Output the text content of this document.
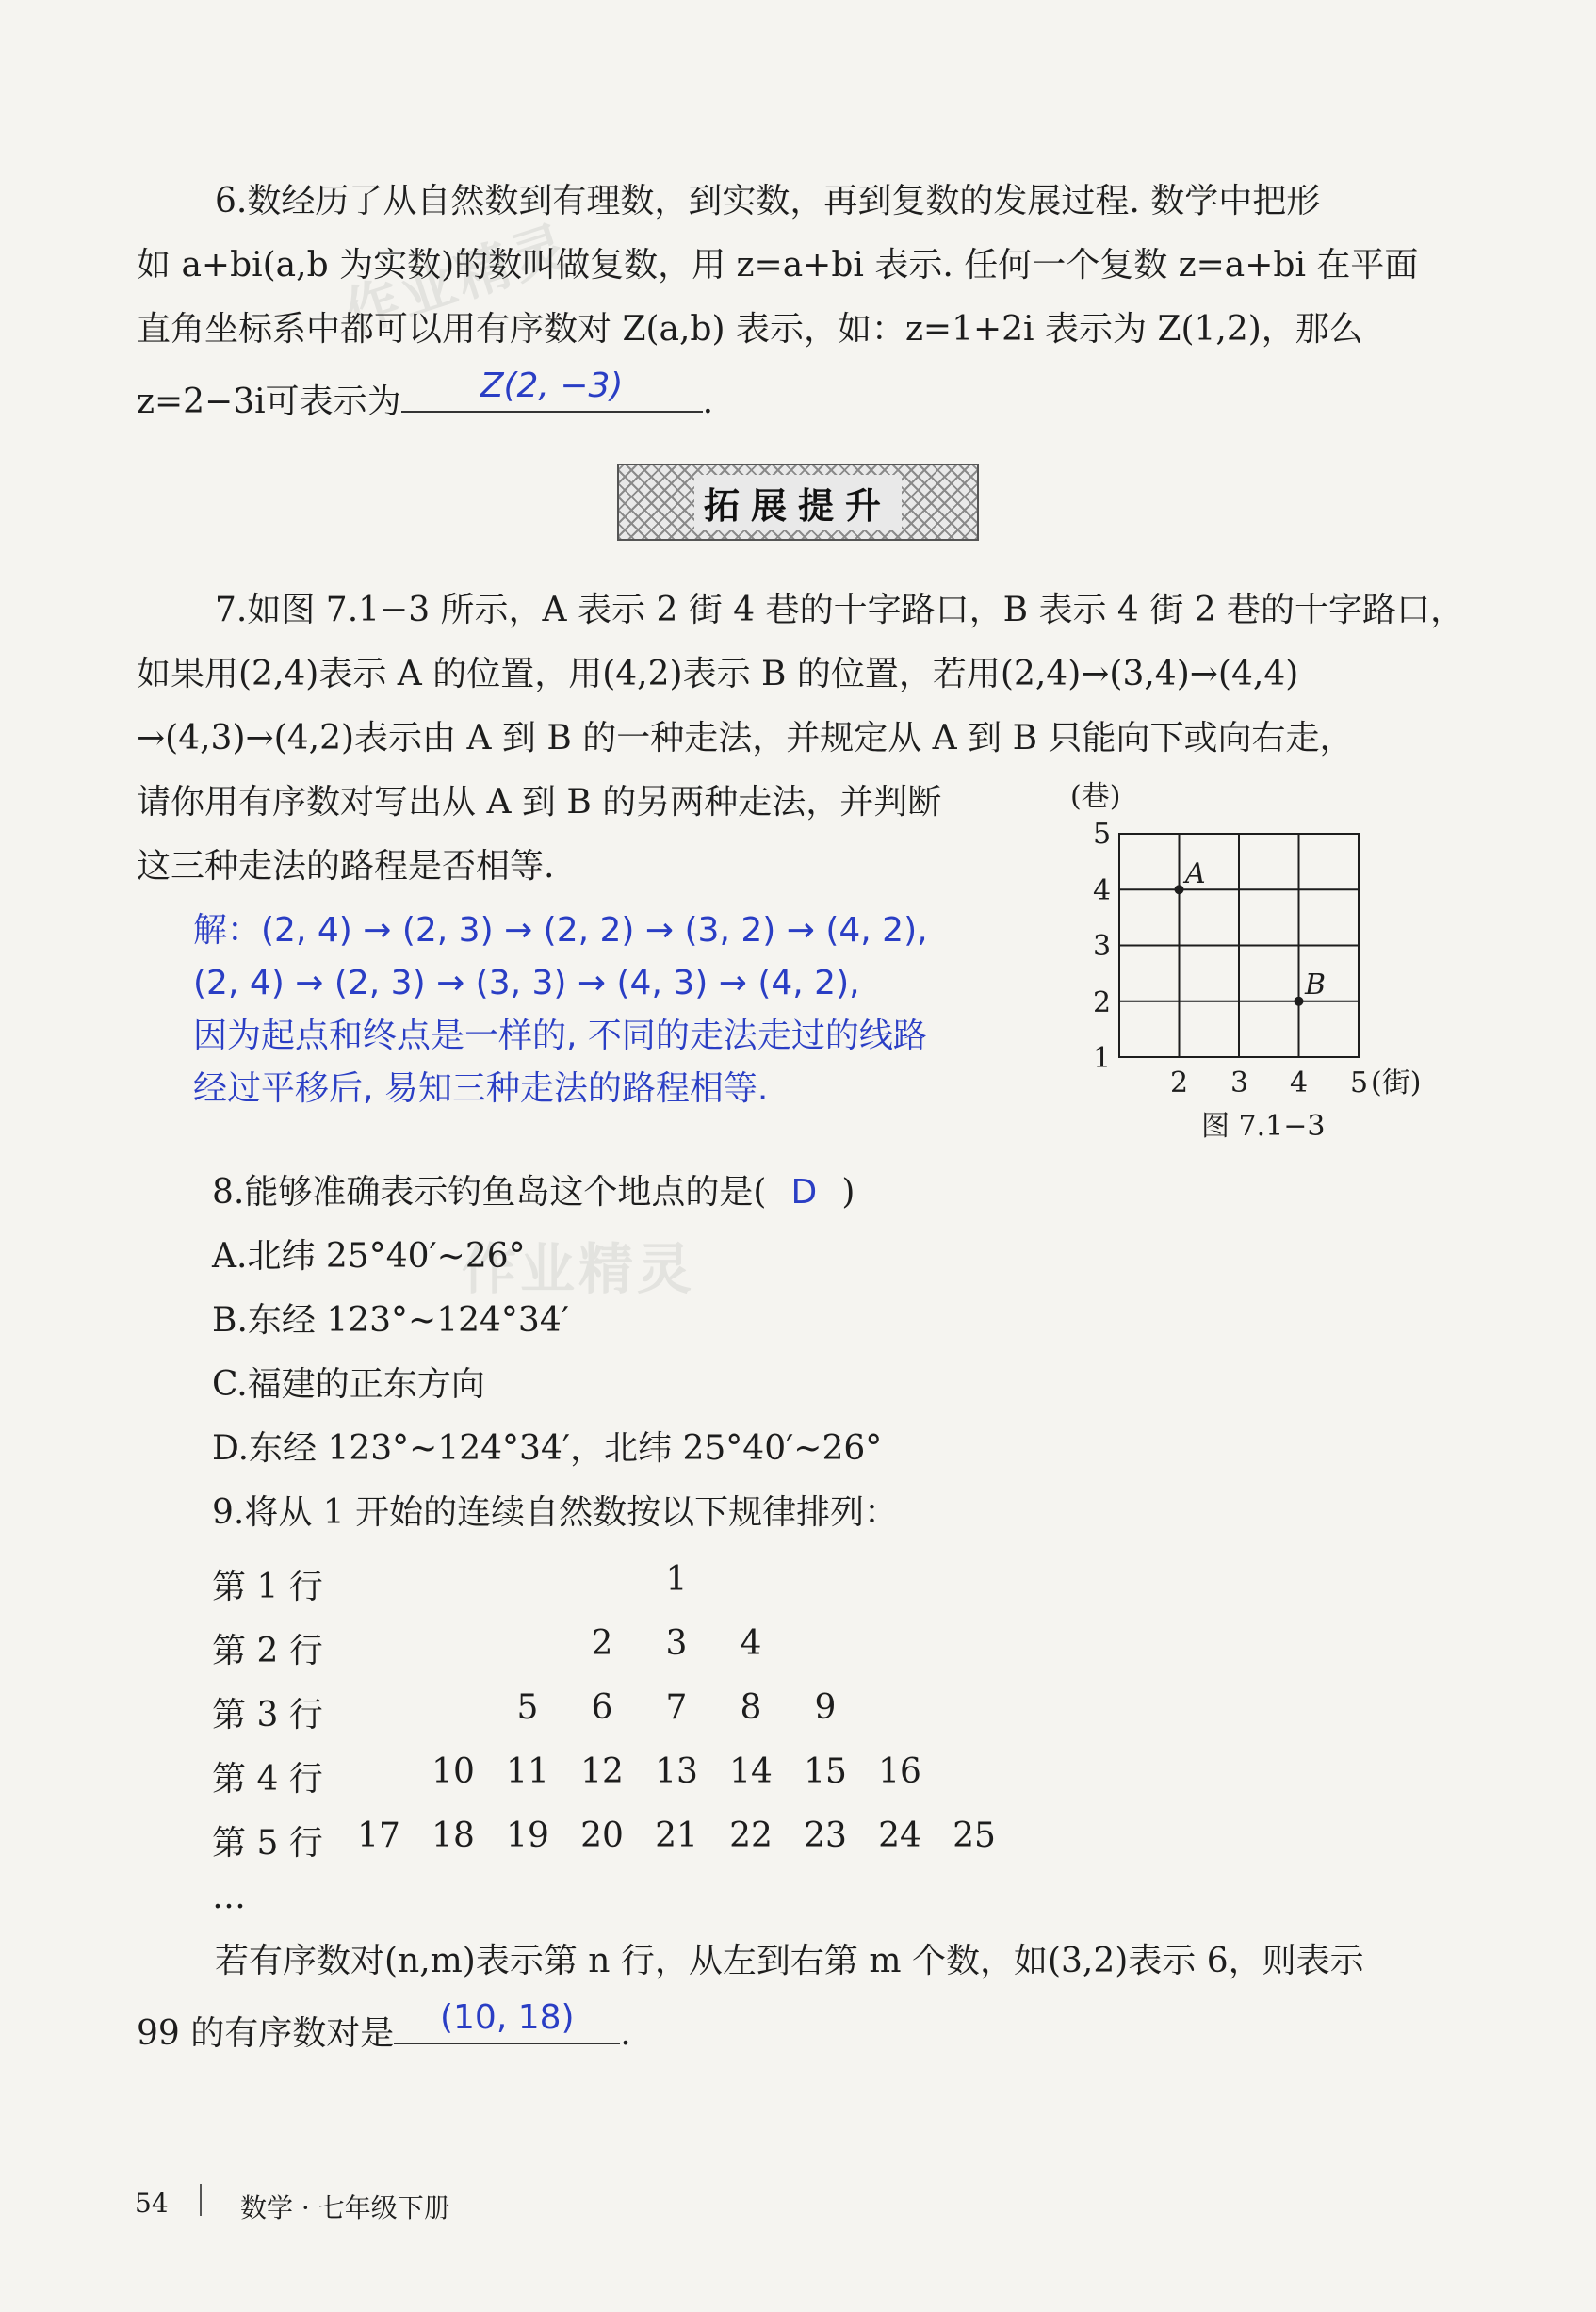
作业精灵
作业精灵
6.数经历了从自然数到有理数，到实数，再到复数的发展过程. 数学中把形
如 a+bi(a,b 为实数)的数叫做复数，用 z=a+bi 表示. 任何一个复数 z=a+bi 在平面
直角坐标系中都可以用有序数对 Z(a,b) 表示，如：z=1+2i 表示为 Z(1,2)，那么
z=2−3i可表示为	Z(2, −3)	.
拓展提升
7.如图 7.1−3 所示，A 表示 2 街 4 巷的十字路口，B 表示 4 街 2 巷的十字路口，
如果用(2,4)表示 A 的位置，用(4,2)表示 B 的位置，若用(2,4)→(3,4)→(4,4)
→(4,3)→(4,2)表示由 A 到 B 的一种走法，并规定从 A 到 B 只能向下或向右走，
请你用有序数对写出从 A 到 B 的另两种走法，并判断
这三种走法的路程是否相等.
解：(2, 4) → (2, 3) → (2, 2) → (3, 2) → (4, 2),
(2, 4) → (2, 3) → (3, 3) → (4, 3) → (4, 2),
因为起点和终点是一样的, 不同的走法走过的线路
经过平移后, 易知三种走法的路程相等.
(巷)
1
2
3
4
5
2 3 4 5 (街)
A
B
图 7.1−3
8.能够准确表示钓鱼岛这个地点的是( D )
A.北纬 25°40′~26°
B.东经 123°~124°34′
C.福建的正东方向
D.东经 123°~124°34′，北纬 25°40′~26°
9.将从 1 开始的连续自然数按以下规律排列：
第 1 行	1
第 2 行	2	3	4
第 3 行	5	6	7	8	9
第 4 行	10 11 12 13 14 15 16
第 5 行 17 18 19 20 21 22 23 24 25
…
若有序数对(n,m)表示第 n 行，从左到右第 m 个数，如(3,2)表示 6，则表示
99 的有序数对是	(10, 18)	.
54	数学 · 七年级下册
